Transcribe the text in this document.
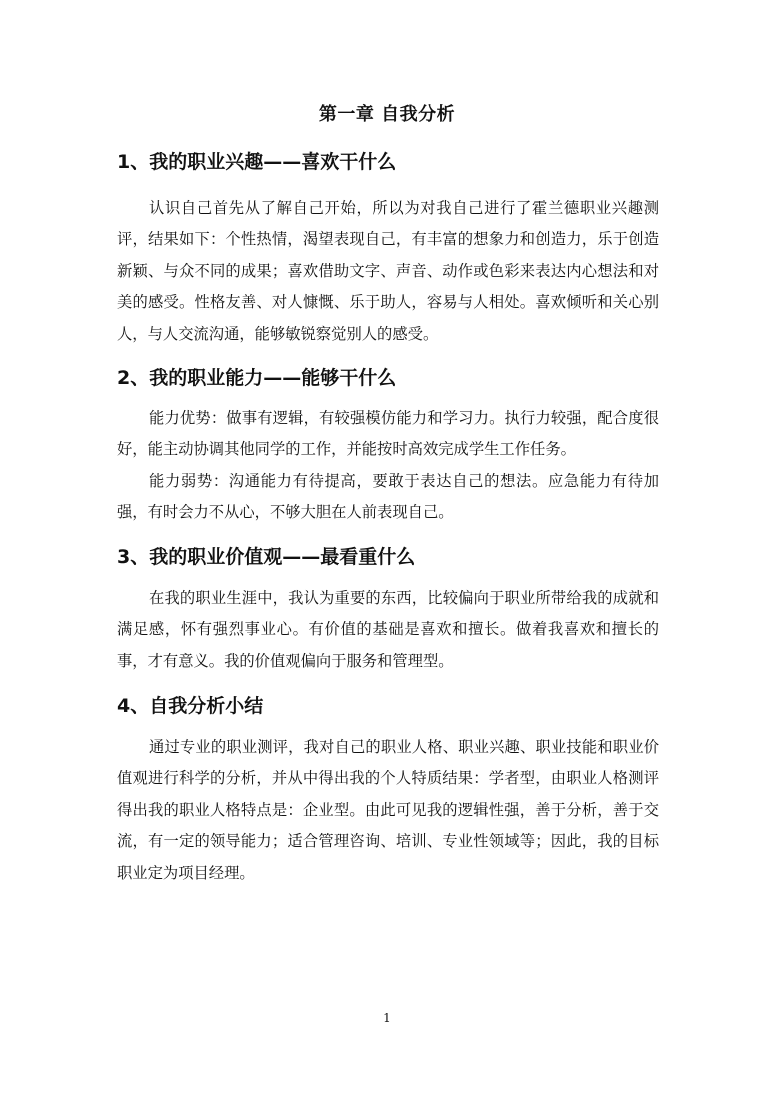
第一章 自我分析
1、我的职业兴趣——喜欢干什么

认识自己首先从了解自己开始，所以为对我自己进行了霍兰德职业兴趣测评，结果如下：个性热情，渴望表现自己，有丰富的想象力和创造力，乐于创造新颖、与众不同的成果；喜欢借助文字、声音、动作或色彩来表达内心想法和对美的感受。性格友善、对人慷慨、乐于助人，容易与人相处。喜欢倾听和关心别人，与人交流沟通，能够敏锐察觉别人的感受。

2、我的职业能力——能够干什么

能力优势：做事有逻辑，有较强模仿能力和学习力。执行力较强，配合度很好，能主动协调其他同学的工作，并能按时高效完成学生工作任务。

能力弱势：沟通能力有待提高，要敢于表达自己的想法。应急能力有待加强，有时会力不从心，不够大胆在人前表现自己。

3、我的职业价值观——最看重什么

在我的职业生涯中，我认为重要的东西，比较偏向于职业所带给我的成就和满足感，怀有强烈事业心。有价值的基础是喜欢和擅长。做着我喜欢和擅长的事，才有意义。我的价值观偏向于服务和管理型。

4、自我分析小结

通过专业的职业测评，我对自己的职业人格、职业兴趣、职业技能和职业价值观进行科学的分析，并从中得出我的个人特质结果：学者型，由职业人格测评得出我的职业人格特点是：企业型。由此可见我的逻辑性强，善于分析，善于交流，有一定的领导能力；适合管理咨询、培训、专业性领域等；因此，我的目标职业定为项目经理。

1
